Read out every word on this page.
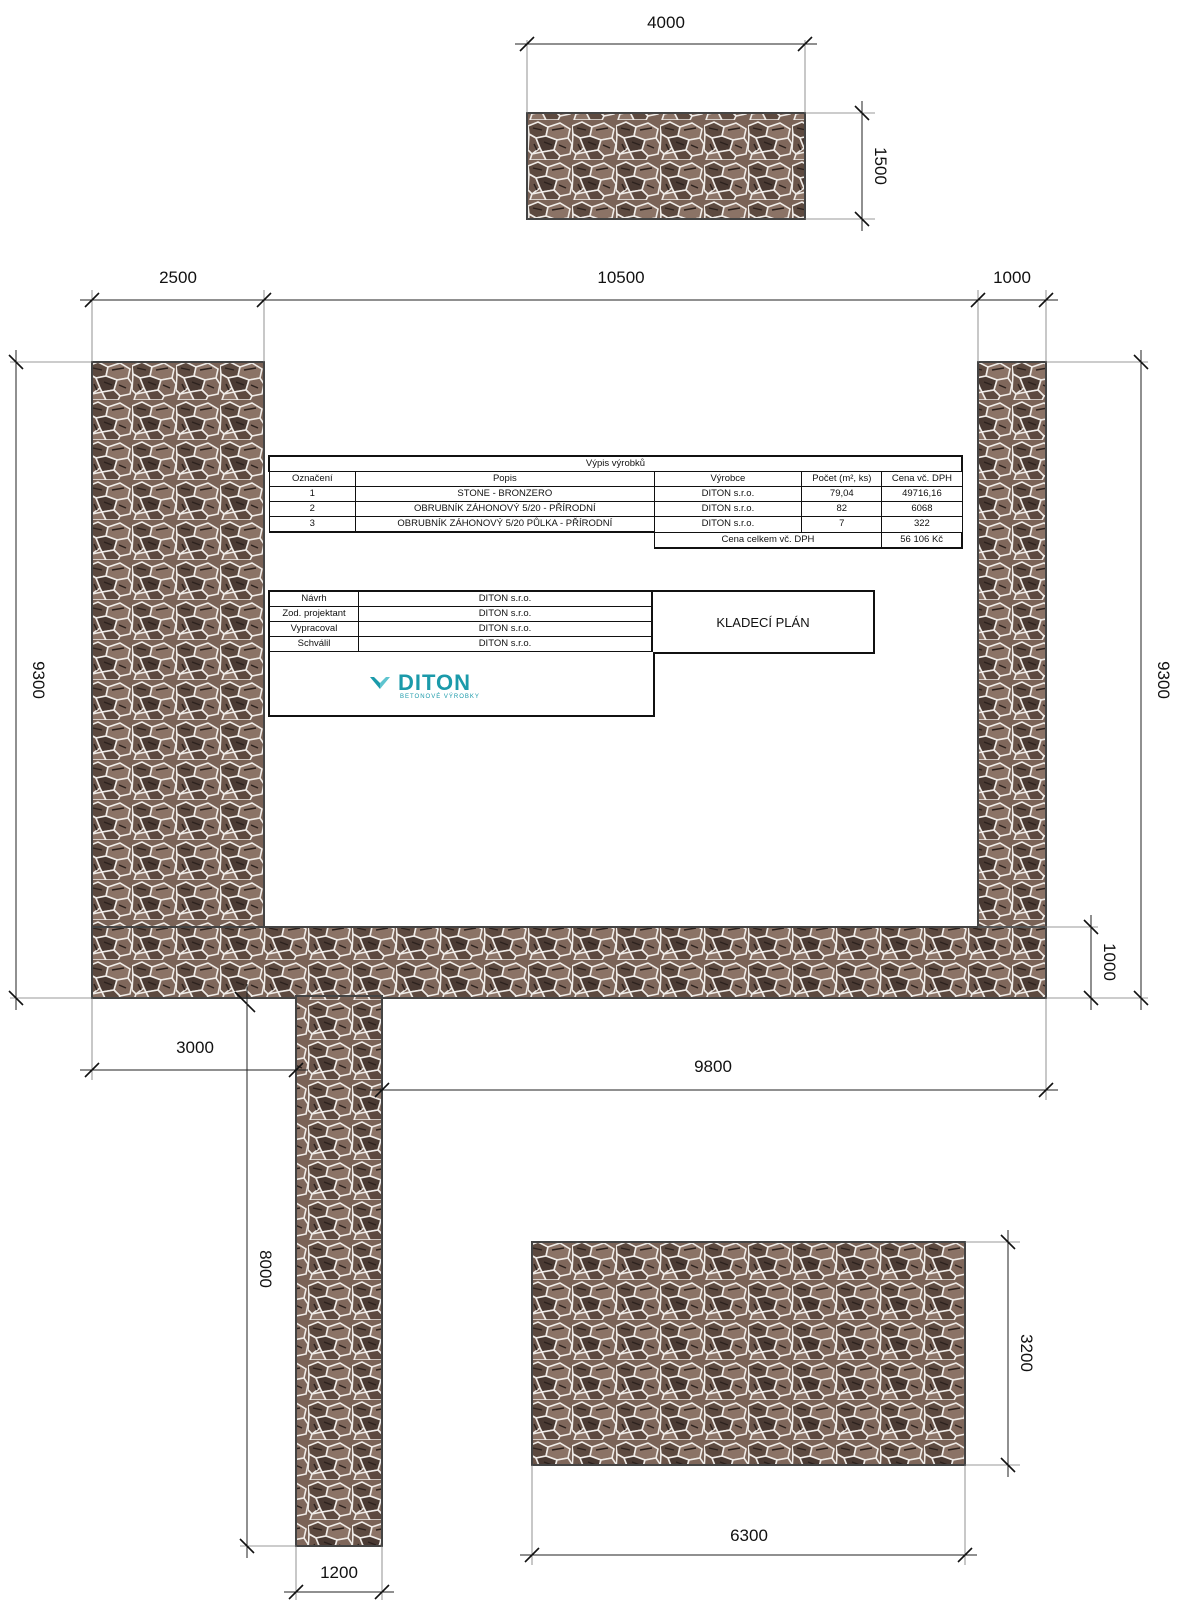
4000
1500
2500	10500	1000
9300	9300
1000
3000
9800
8000
1200
3200
6300
Výpis výrobků				
Označení	Popis	Výrobce	Počet (m², ks)	Cena vč. DPH
1	STONE - BRONZERO	DITON s.r.o.	79,04	49716,16
2	OBRUBNÍK ZÁHONOVÝ 5/20 - PŘÍRODNÍ	DITON s.r.o.	82	6068
3	OBRUBNÍK ZÁHONOVÝ 5/20 PŮLKA - PŘÍRODNÍ	DITON s.r.o.	7	322
		Cena celkem vč. DPH		56 106 Kč
Návrh	DITON s.r.o.
Zod. projektant	DITON s.r.o.
Vypracoval	DITON s.r.o.
Schválil	DITON s.r.o.
KLADECÍ PLÁN
DITON
BETONOVÉ VÝROBKY
